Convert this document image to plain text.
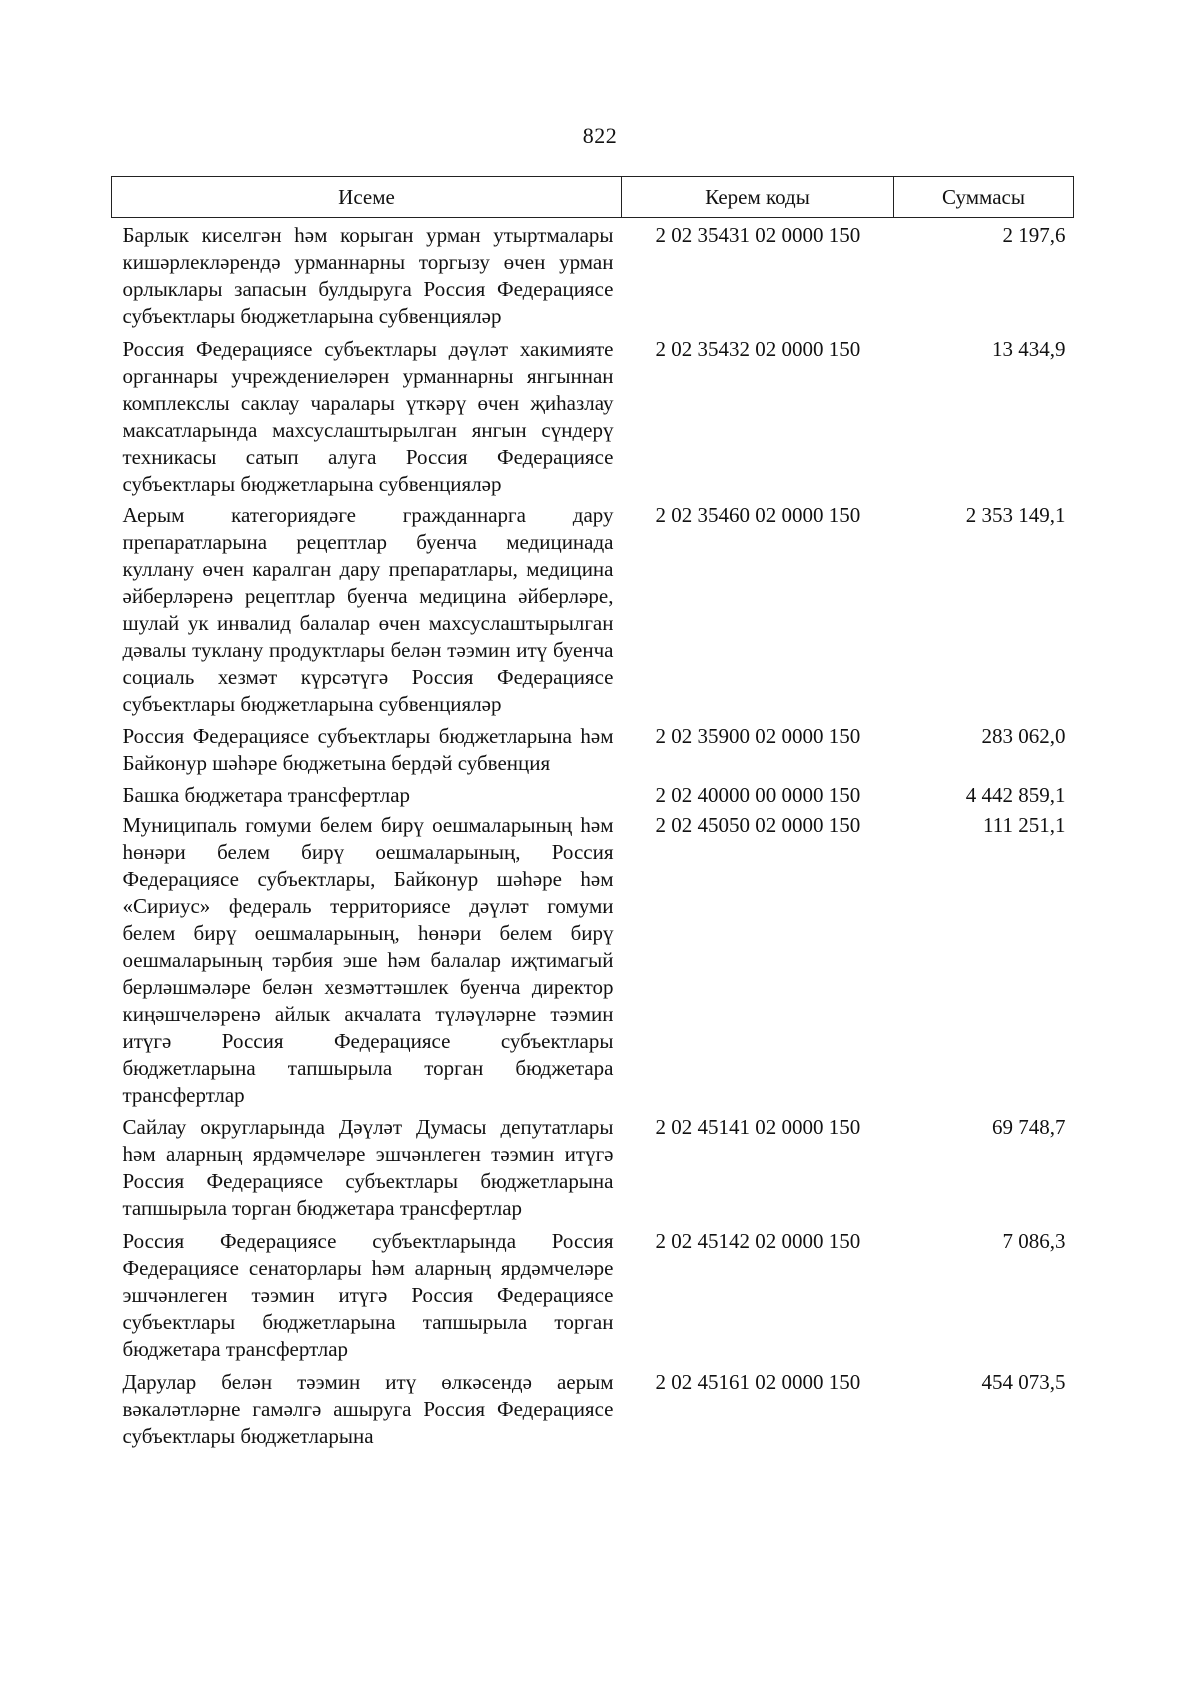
822
Исеме	Керем коды	Суммасы
Барлык киселгән һәм корыган урман утыртмалары кишәрлекләрендә урманнарны торгызу өчен урман орлыклары запасын булдыруга Россия Федерациясе субъектлары бюджетларына субвенцияләр	2 02 35431 02 0000 150	2 197,6
Россия Федерациясе субъектлары дәүләт хакимияте органнары учреждениеләрен урманнарны янгыннан комплекслы саклау чаралары үткәрү өчен җиһазлау максатларында махсуслаштырылган янгын сүндерү техникасы сатып алуга Россия Федерациясе субъектлары бюджетларына субвенцияләр	2 02 35432 02 0000 150	13 434,9
Аерым категориядәге гражданнарга дару препаратларына рецептлар буенча медицинада куллану өчен каралган дару препаратлары, медицина әйберләренә рецептлар буенча медицина әйберләре, шулай ук инвалид балалар өчен махсуслаштырылган дәвалы туклану продуктлары белән тәэмин итү буенча социаль хезмәт күрсәтүгә Россия Федерациясе субъектлары бюджетларына субвенцияләр	2 02 35460 02 0000 150	2 353 149,1
Россия Федерациясе субъектлары бюджетларына һәм Байконур шәһәре бюджетына бердәй субвенция	2 02 35900 02 0000 150	283 062,0
Башка бюджетара трансфертлар	2 02 40000 00 0000 150	4 442 859,1
Муниципаль гомуми белем бирү оешмаларының һәм һөнәри белем бирү оешмаларының, Россия Федерациясе субъектлары, Байконур шәһәре һәм «Сириус» федераль территориясе дәүләт гомуми белем бирү оешмаларының, һөнәри белем бирү оешмаларының тәрбия эше һәм балалар иҗтимагый берләшмәләре белән хезмәттәшлек буенча директор киңәшчеләренә айлык акчалата түләүләрне тәэмин итүгә Россия Федерациясе субъектлары бюджетларына тапшырыла торган бюджетара трансфертлар	2 02 45050 02 0000 150	111 251,1
Сайлау округларында Дәүләт Думасы депутатлары һәм аларның ярдәмчеләре эшчәнлеген тәэмин итүгә Россия Федерациясе субъектлары бюджетларына тапшырыла торган бюджетара трансфертлар	2 02 45141 02 0000 150	69 748,7
Россия Федерациясе субъектларында Россия Федерациясе сенаторлары һәм аларның ярдәмчеләре эшчәнлеген тәэмин итүгә Россия Федерациясе субъектлары бюджетларына тапшырыла торган бюджетара трансфертлар	2 02 45142 02 0000 150	7 086,3
Дарулар белән тәэмин итү өлкәсендә аерым вәкаләтләрне гамәлгә ашыруга Россия Федерациясе субъектлары бюджетларына	2 02 45161 02 0000 150	454 073,5
